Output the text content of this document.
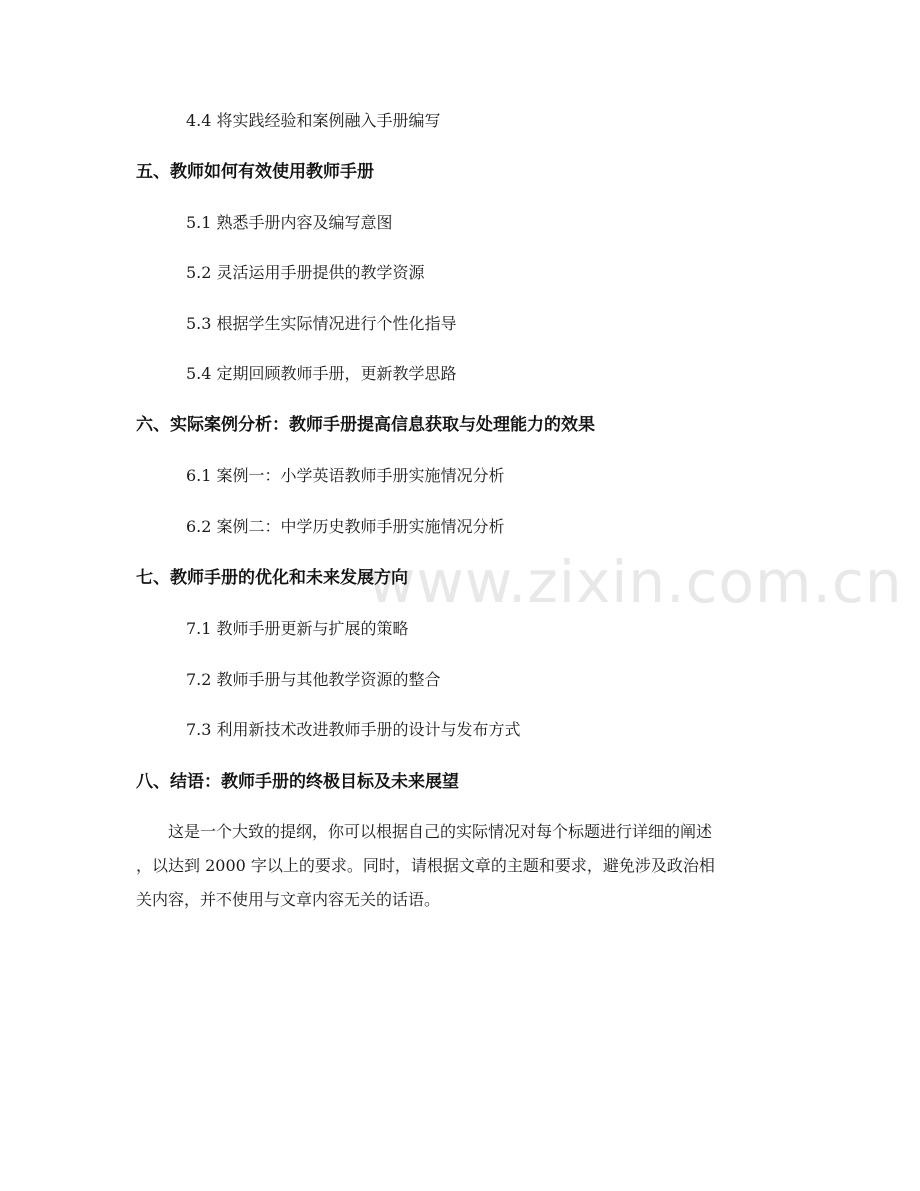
www.zixin.com.cn
4.4 将实践经验和案例融入手册编写
五、教师如何有效使用教师手册
5.1 熟悉手册内容及编写意图
5.2 灵活运用手册提供的教学资源
5.3 根据学生实际情况进行个性化指导
5.4 定期回顾教师手册，更新教学思路
六、实际案例分析：教师手册提高信息获取与处理能力的效果
6.1 案例一：小学英语教师手册实施情况分析
6.2 案例二：中学历史教师手册实施情况分析
七、教师手册的优化和未来发展方向
7.1 教师手册更新与扩展的策略
7.2 教师手册与其他教学资源的整合
7.3 利用新技术改进教师手册的设计与发布方式
八、结语：教师手册的终极目标及未来展望
这是一个大致的提纲，你可以根据自己的实际情况对每个标题进行详细的阐述
，以达到 2000 字以上的要求。同时，请根据文章的主题和要求，避免涉及政治相
关内容，并不使用与文章内容无关的话语。
